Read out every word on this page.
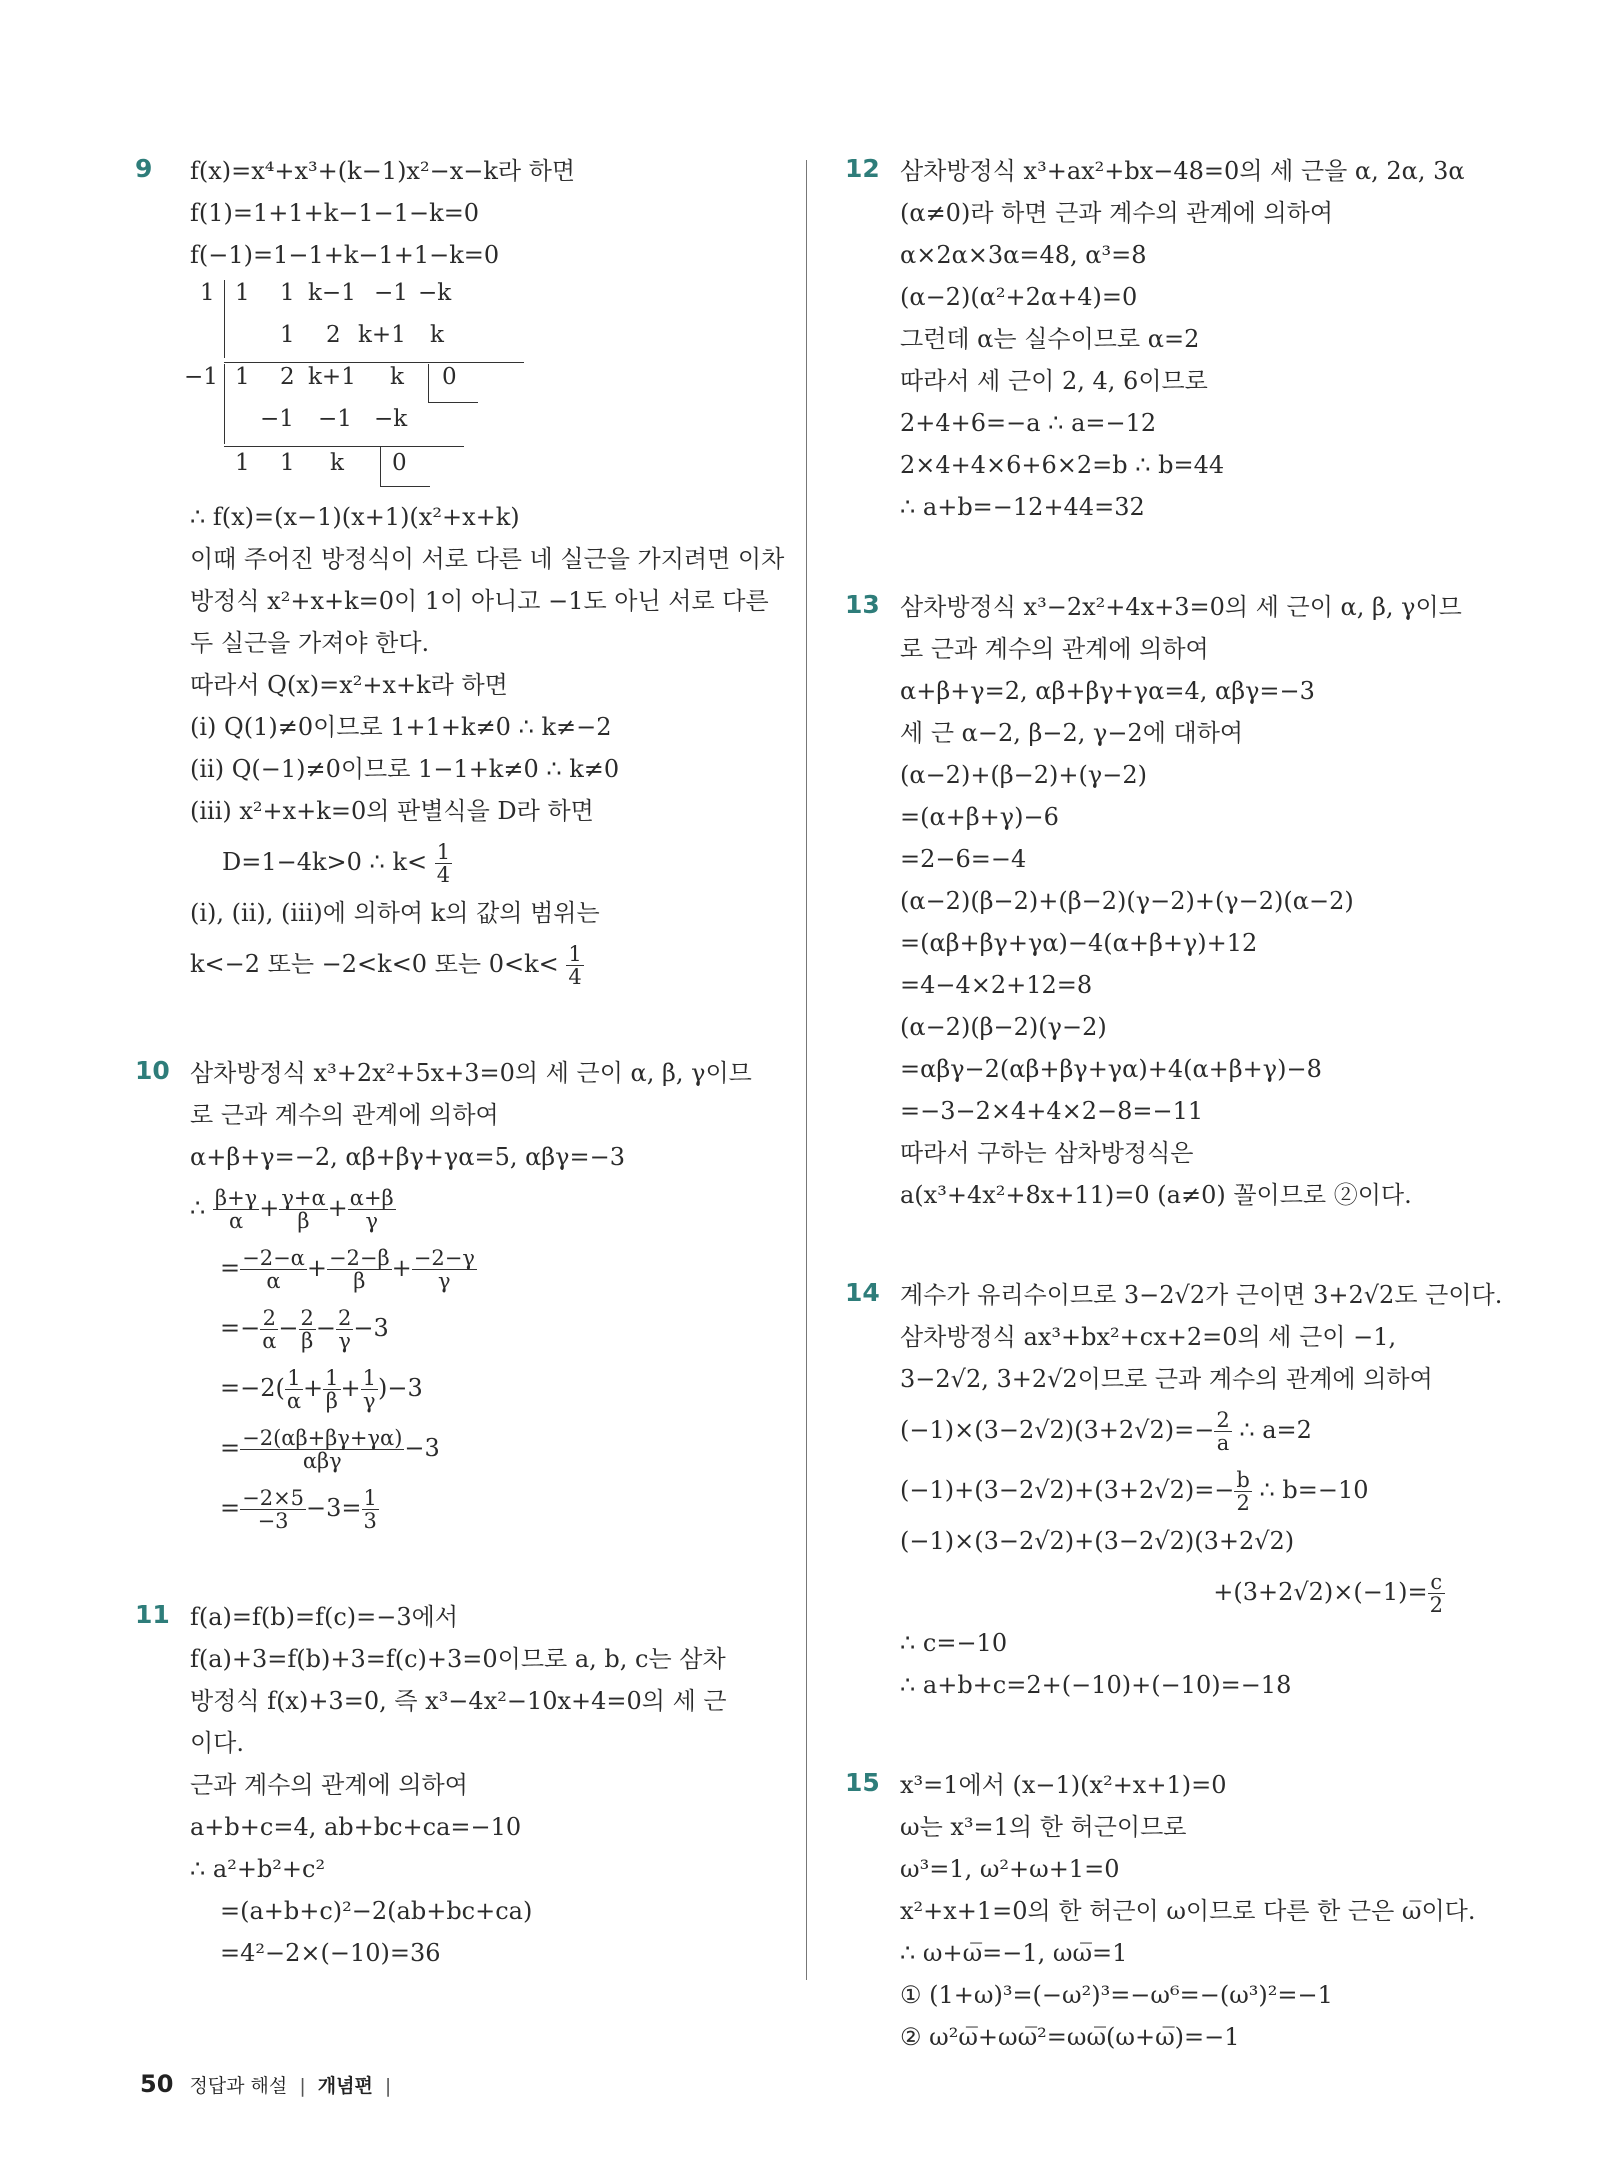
9 f(x)=x⁴+x³+(k−1)x²−x−k라 하면
f(1)=1+1+k−1−1−k=0
f(−1)=1−1+k−1+1−k=0
1 1 1 k−1 −1 −k
1 2 k+1 k
−1 1 2 k+1 k 0
−1 −1 −k
1 1 k 0
∴ f(x)=(x−1)(x+1)(x²+x+k)
이때 주어진 방정식이 서로 다른 네 실근을 가지려면 이차
방정식 x²+x+k=0이 1이 아니고 −1도 아닌 서로 다른
두 실근을 가져야 한다.
따라서 Q(x)=x²+x+k라 하면
(i) Q(1)≠0이므로 1+1+k≠0 ∴ k≠−2
(ii) Q(−1)≠0이므로 1−1+k≠0 ∴ k≠0
(iii) x²+x+k=0의 판별식을 D라 하면
D=1−4k>0 ∴ $k< \frac{1}{4}$
(i), (ii), (iii)에 의하여 k의 값의 범위는
k<−2 또는 −2<k<0 또는 $0<k< \frac{1}{4}$
10 삼차방정식 x³+2x²+5x+3=0의 세 근이 α, β, γ이므
로 근과 계수의 관계에 의하여
α+β+γ=−2, αβ+βγ+γα=5, αβγ=−3
∴ $\frac{\beta+\gamma}{\alpha} + \frac{\gamma+\alpha}{\beta} + \frac{\alpha+\beta}{\gamma}$
= $\frac{-2-\alpha}{\alpha} + \frac{-2-\beta}{\beta} + \frac{-2-\gamma}{\gamma}$
=− $\frac{2}{\alpha} - \frac{2}{\beta} - \frac{2}{\gamma} -3$
$=-2( \frac{1}{\alpha} + \frac{1}{\beta} + \frac{1}{\gamma} )-3$
= $\frac{-2(\alpha\beta+\beta\gamma+\gamma\alpha)}{\text{αβγ}} -3$
= $\frac{-2\times 5}{-3} -3= \frac{1}{3}$
11 f(a)=f(b)=f(c)=−3에서
f(a)+3=f(b)+3=f(c)+3=0이므로 a, b, c는 삼차
방정식 f(x)+3=0, 즉 x³−4x²−10x+4=0의 세 근
이다.
근과 계수의 관계에 의하여
a+b+c=4, ab+bc+ca=−10
∴ a²+b²+c²
=(a+b+c)²−2(ab+bc+ca)
=4²−2×(−10)=36
12 삼차방정식 x³+ax²+bx−48=0의 세 근을 α, 2α, 3α
(α≠0)라 하면 근과 계수의 관계에 의하여
α×2α×3α=48, α³=8
(α−2)(α²+2α+4)=0
그런데 α는 실수이므로 α=2
따라서 세 근이 2, 4, 6이므로
2+4+6=−a ∴ a=−12
2×4+4×6+6×2=b ∴ b=44
∴ a+b=−12+44=32
13 삼차방정식 x³−2x²+4x+3=0의 세 근이 α, β, γ이므
로 근과 계수의 관계에 의하여
α+β+γ=2, αβ+βγ+γα=4, αβγ=−3
세 근 α−2, β−2, γ−2에 대하여
(α−2)+(β−2)+(γ−2)
=(α+β+γ)−6
=2−6=−4
(α−2)(β−2)+(β−2)(γ−2)+(γ−2)(α−2)
=(αβ+βγ+γα)−4(α+β+γ)+12
=4−4×2+12=8
(α−2)(β−2)(γ−2)
=αβγ−2(αβ+βγ+γα)+4(α+β+γ)−8
=−3−2×4+4×2−8=−11
따라서 구하는 삼차방정식은
a(x³+4x²+8x+11)=0 (a≠0) 꼴이므로 ②이다.
14 계수가 유리수이므로 3−2√2가 근이면 3+2√2도 근이다.
삼차방정식 ax³+bx²+cx+2=0의 세 근이 −1,
3−2√2, 3+2√2이므로 근과 계수의 관계에 의하여
$(-1)\times(3-2√2)(3+2√2)=- \frac{2}{a}$ ∴ a=2
$(-1)+(3-2√2)+(3+2√2)=- \frac{b}{2}$ ∴ b=−10
(−1)×(3−2√2)+(3−2√2)(3+2√2)
$+(3+2√2)\times(-1)= \frac{c}{2}$
∴ c=−10
∴ a+b+c=2+(−10)+(−10)=−18
15 x³=1에서 (x−1)(x²+x+1)=0
ω는 x³=1의 한 허근이므로
ω³=1, ω²+ω+1=0
x²+x+1=0의 한 허근이 ω이므로 다른 한 근은 ω̅이다.
∴ ω+ω̅=−1, ωω̅=1
① (1+ω)³=(−ω²)³=−ω⁶=−(ω³)²=−1
② ω²ω̅+ωω̅²=ωω̅(ω+ω̅)=−1
50 정답과 해설 | 개념편 |
